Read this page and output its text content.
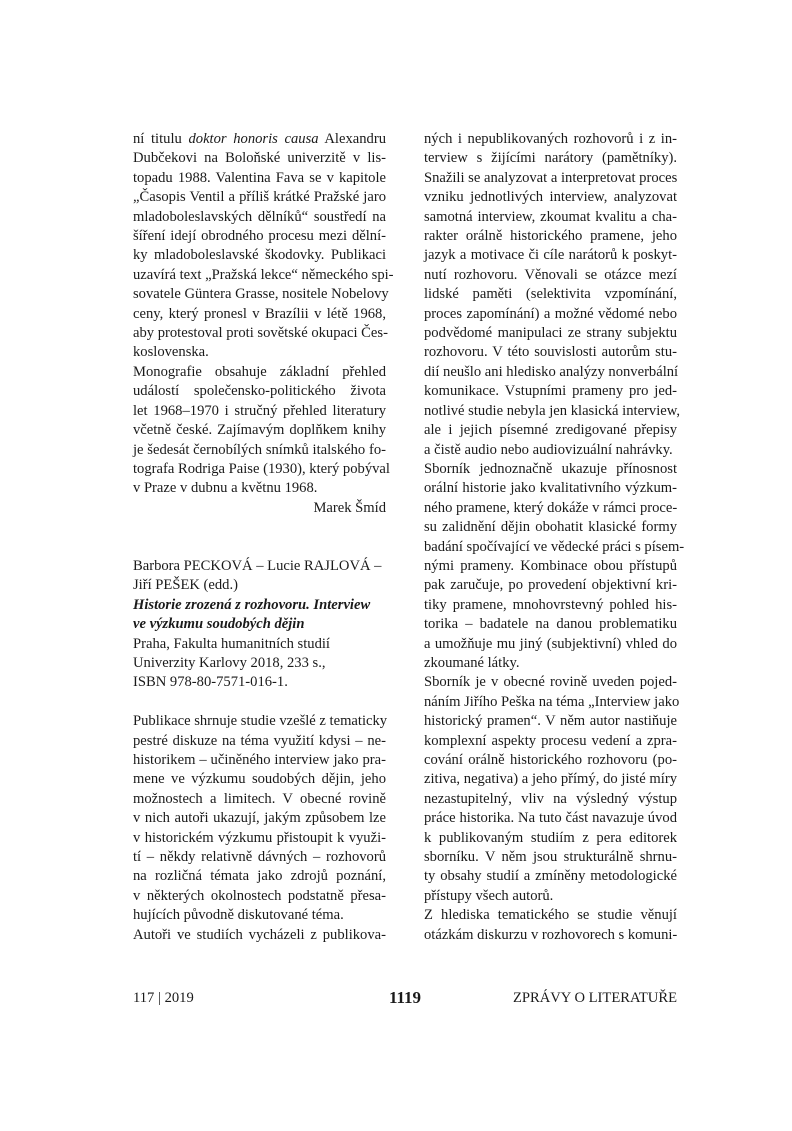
ní titulu doktor honoris causa Alexandru
Dubčekovi na Boloňské univerzitě v lis-
topadu 1988. Valentina Fava se v kapitole
„Časopis Ventil a příliš krátké Pražské jaro
mladoboleslavských dělníků“ soustředí na
šíření idejí obrodného procesu mezi dělní-
ky mladoboleslavské škodovky. Publikaci
uzavírá text „Pražská lekce“ německého spi-
sovatele Güntera Grasse, nositele Nobelovy
ceny, který pronesl v Brazílii v létě 1968,
aby protestoval proti sovětské okupaci Čes-
koslovenska.
Monografie obsahuje základní přehled
událostí společensko-politického života
let 1968–1970 i stručný přehled literatury
včetně české. Zajímavým doplňkem knihy
je šedesát černobílých snímků italského fo-
tografa Rodriga Paise (1930), který pobýval
v Praze v dubnu a květnu 1968.
Marek Šmíd
Barbora PECKOVÁ – Lucie RAJLOVÁ –
Jiří PEŠEK (edd.)
Historie zrozená z rozhovoru. Interview
ve výzkumu soudobých dějin
Praha, Fakulta humanitních studií
Univerzity Karlovy 2018, 233 s.,
ISBN 978-80-7571-016-1.
Publikace shrnuje studie vzešlé z tematicky
pestré diskuze na téma využití kdysi – ne-
historikem – učiněného interview jako pra-
mene ve výzkumu soudobých dějin, jeho
možnostech a limitech. V obecné rovině
v nich autoři ukazují, jakým způsobem lze
v historickém výzkumu přistoupit k využi-
tí – někdy relativně dávných – rozhovorů
na rozličná témata jako zdrojů poznání,
v některých okolnostech podstatně přesa-
hujících původně diskutované téma.
Autoři ve studiích vycházeli z publikova-
ných i nepublikovaných rozhovorů i z in-
terview s žijícími narátory (pamětníky).
Snažili se analyzovat a interpretovat proces
vzniku jednotlivých interview, analyzovat
samotná interview, zkoumat kvalitu a cha-
rakter orálně historického pramene, jeho
jazyk a motivace či cíle narátorů k poskyt-
nutí rozhovoru. Věnovali se otázce mezí
lidské paměti (selektivita vzpomínání,
proces zapomínání) a možné vědomé nebo
podvědomé manipulaci ze strany subjektu
rozhovoru. V této souvislosti autorům stu-
dií neušlo ani hledisko analýzy nonverbální
komunikace. Vstupními prameny pro jed-
notlivé studie nebyla jen klasická interview,
ale i jejich písemné zredigované přepisy
a čistě audio nebo audiovizuální nahrávky.
Sborník jednoznačně ukazuje přínosnost
orální historie jako kvalitativního výzkum-
ného pramene, který dokáže v rámci proce-
su zalidnění dějin obohatit klasické formy
badání spočívající ve vědecké práci s písem-
nými prameny. Kombinace obou přístupů
pak zaručuje, po provedení objektivní kri-
tiky pramene, mnohovrstevný pohled his-
torika – badatele na danou problematiku
a umožňuje mu jiný (subjektivní) vhled do
zkoumané látky.
Sborník je v obecné rovině uveden pojed-
náním Jiřího Peška na téma „Interview jako
historický pramen“. V něm autor nastiňuje
komplexní aspekty procesu vedení a zpra-
cování orálně historického rozhovoru (po-
zitiva, negativa) a jeho přímý, do jisté míry
nezastupitelný, vliv na výsledný výstup
práce historika. Na tuto část navazuje úvod
k publikovaným studiím z pera editorek
sborníku. V něm jsou strukturálně shrnu-
ty obsahy studií a zmíněny metodologické
přístupy všech autorů.
Z hlediska tematického se studie věnují
otázkám diskurzu v rozhovorech s komuni-
117 | 2019	1119	ZPRÁVY O LITERATUŘE
